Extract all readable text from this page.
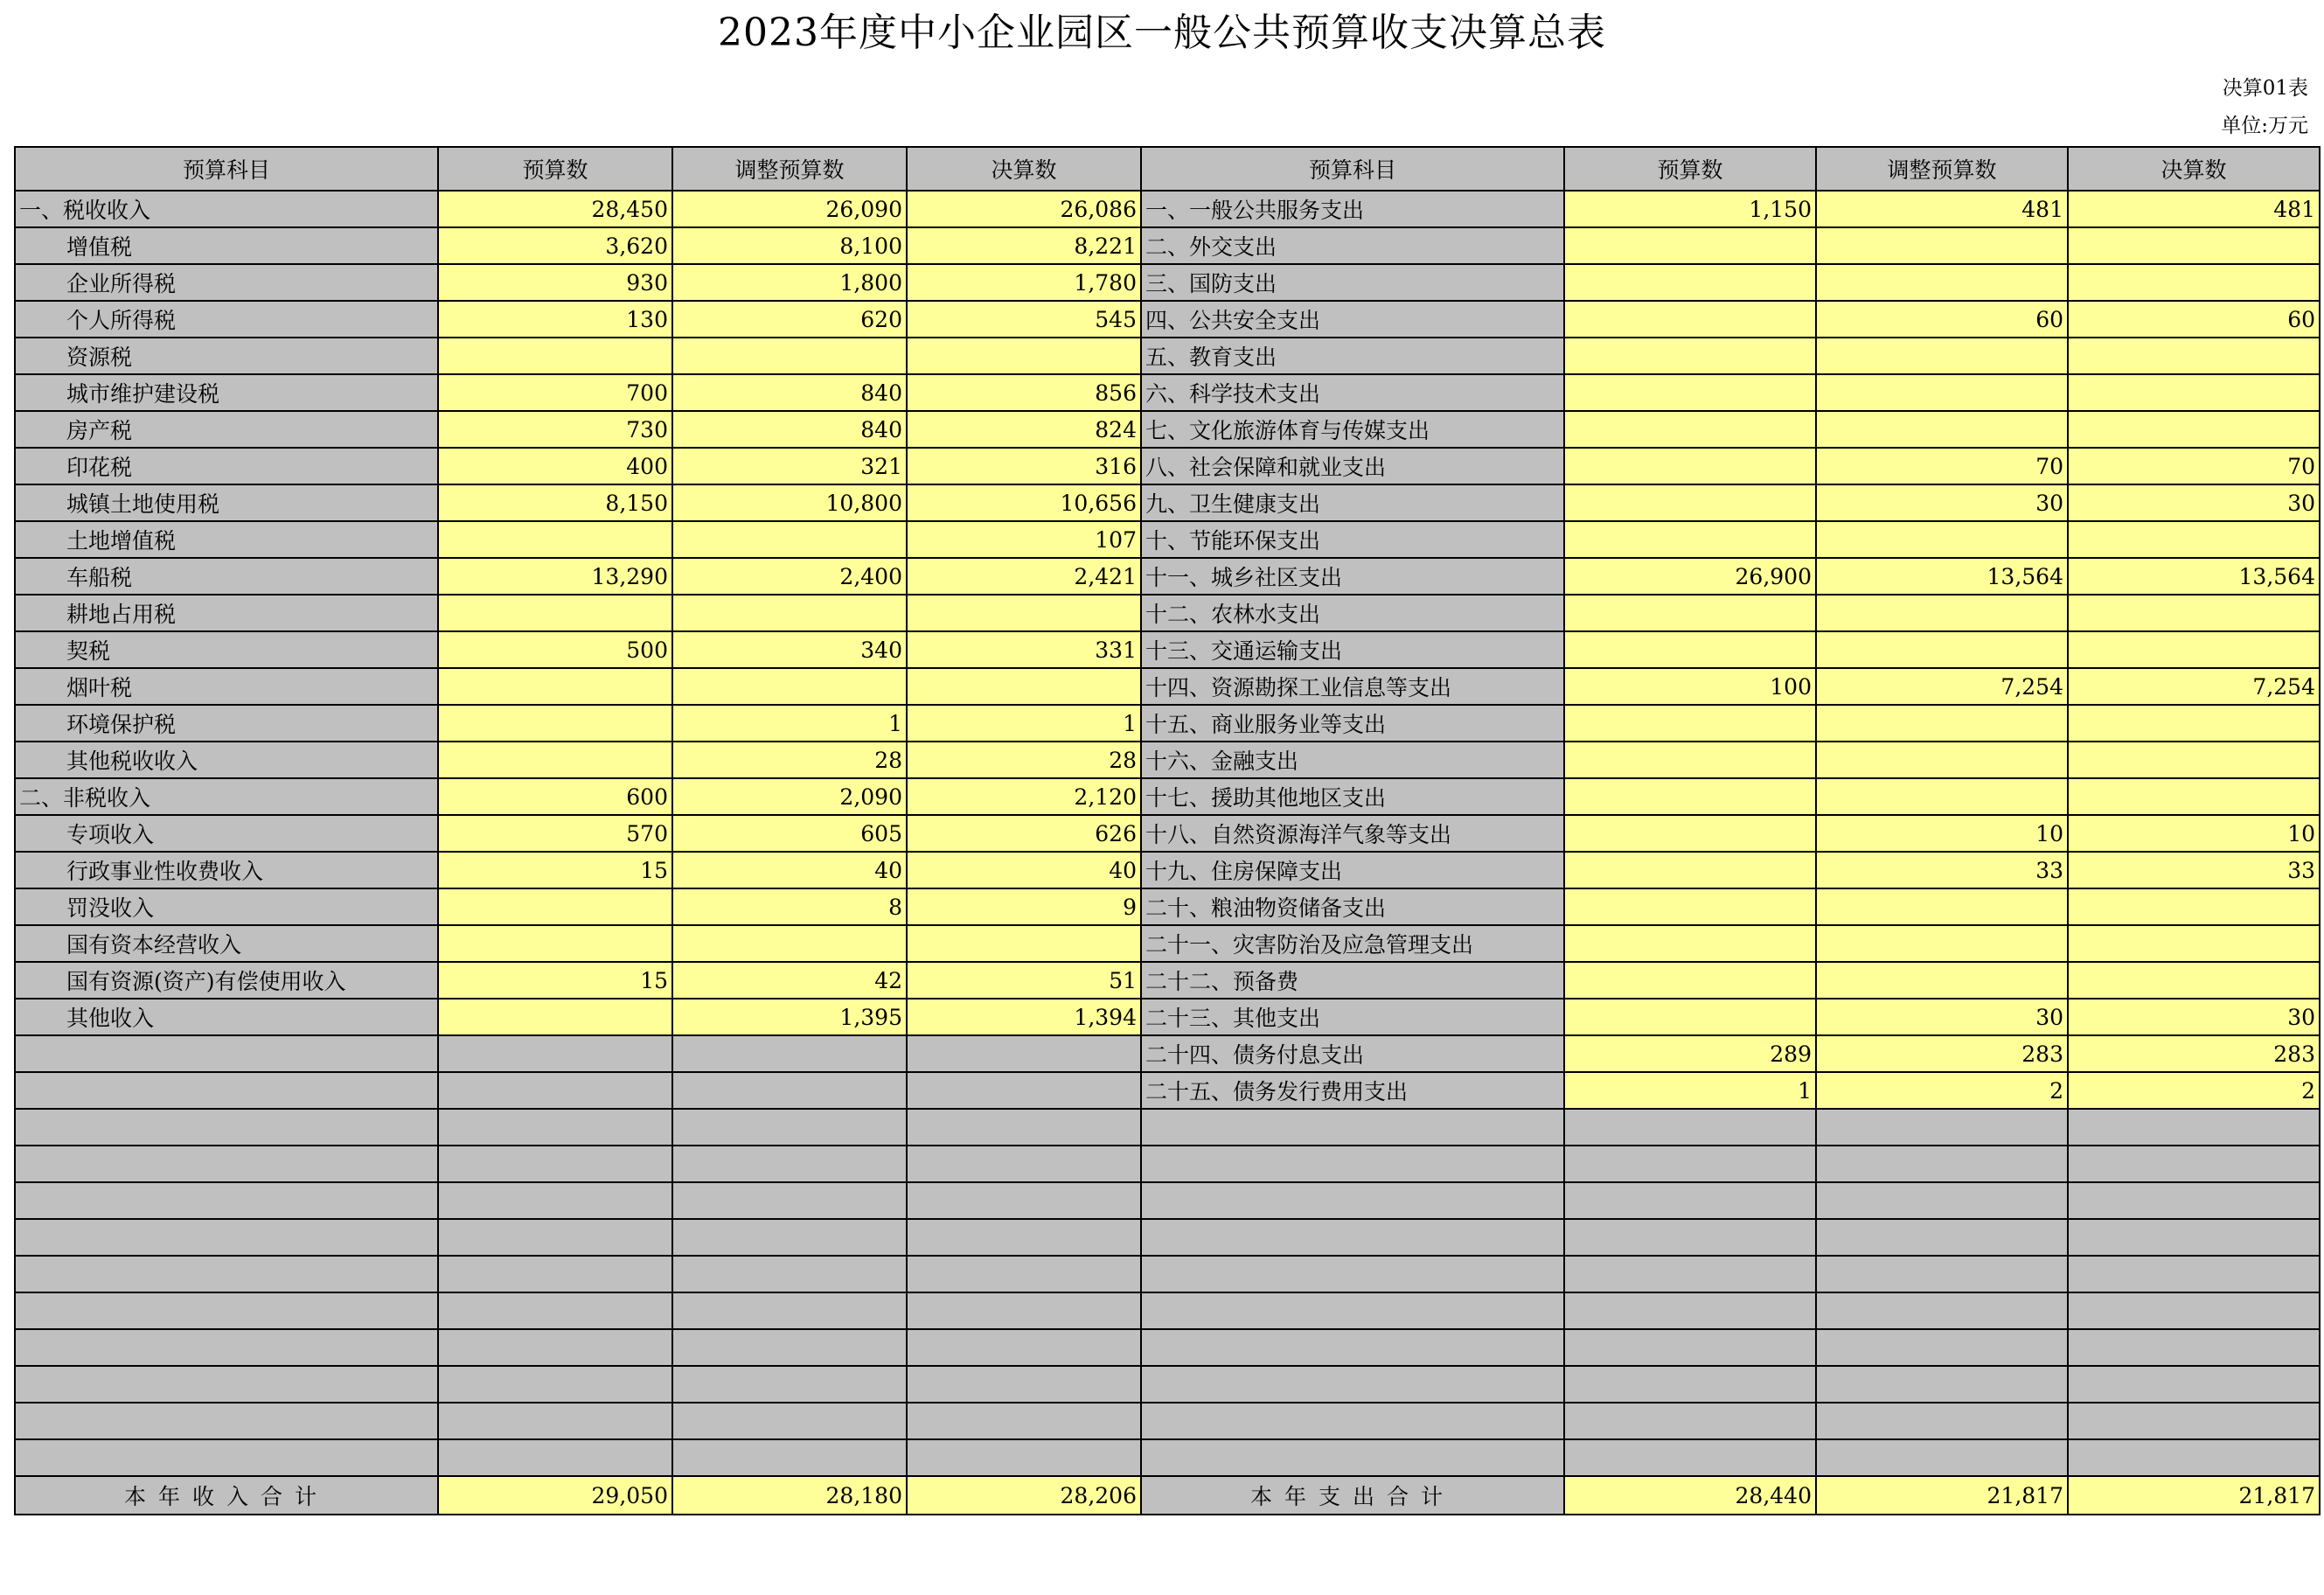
2023年度中小企业园区一般公共预算收支决算总表
决算01表
单位:万元
预算科目	预算数	调整预算数	决算数	预算科目	预算数	调整预算数	决算数
一、税收收入	28,450	26,090	26,086	一、一般公共服务支出	1,150	481	481
增值税	3,620	8,100	8,221	二、外交支出			
企业所得税	930	1,800	1,780	三、国防支出			
个人所得税	130	620	545	四、公共安全支出		60	60
资源税				五、教育支出			
城市维护建设税	700	840	856	六、科学技术支出			
房产税	730	840	824	七、文化旅游体育与传媒支出			
印花税	400	321	316	八、社会保障和就业支出		70	70
城镇土地使用税	8,150	10,800	10,656	九、卫生健康支出		30	30
土地增值税			107	十、节能环保支出			
车船税	13,290	2,400	2,421	十一、城乡社区支出	26,900	13,564	13,564
耕地占用税				十二、农林水支出			
契税	500	340	331	十三、交通运输支出			
烟叶税				十四、资源勘探工业信息等支出	100	7,254	7,254
环境保护税		1	1	十五、商业服务业等支出			
其他税收收入		28	28	十六、金融支出			
二、非税收入	600	2,090	2,120	十七、援助其他地区支出			
专项收入	570	605	626	十八、自然资源海洋气象等支出		10	10
行政事业性收费收入	15	40	40	十九、住房保障支出		33	33
罚没收入		8	9	二十、粮油物资储备支出			
国有资本经营收入				二十一、灾害防治及应急管理支出			
国有资源(资产)有偿使用收入	15	42	51	二十二、预备费			
其他收入		1,395	1,394	二十三、其他支出		30	30
				二十四、债务付息支出	289	283	283
				二十五、债务发行费用支出	1	2	2

本年收入合计	29,050	28,180	28,206	本年支出合计	28,440	21,817	21,817
